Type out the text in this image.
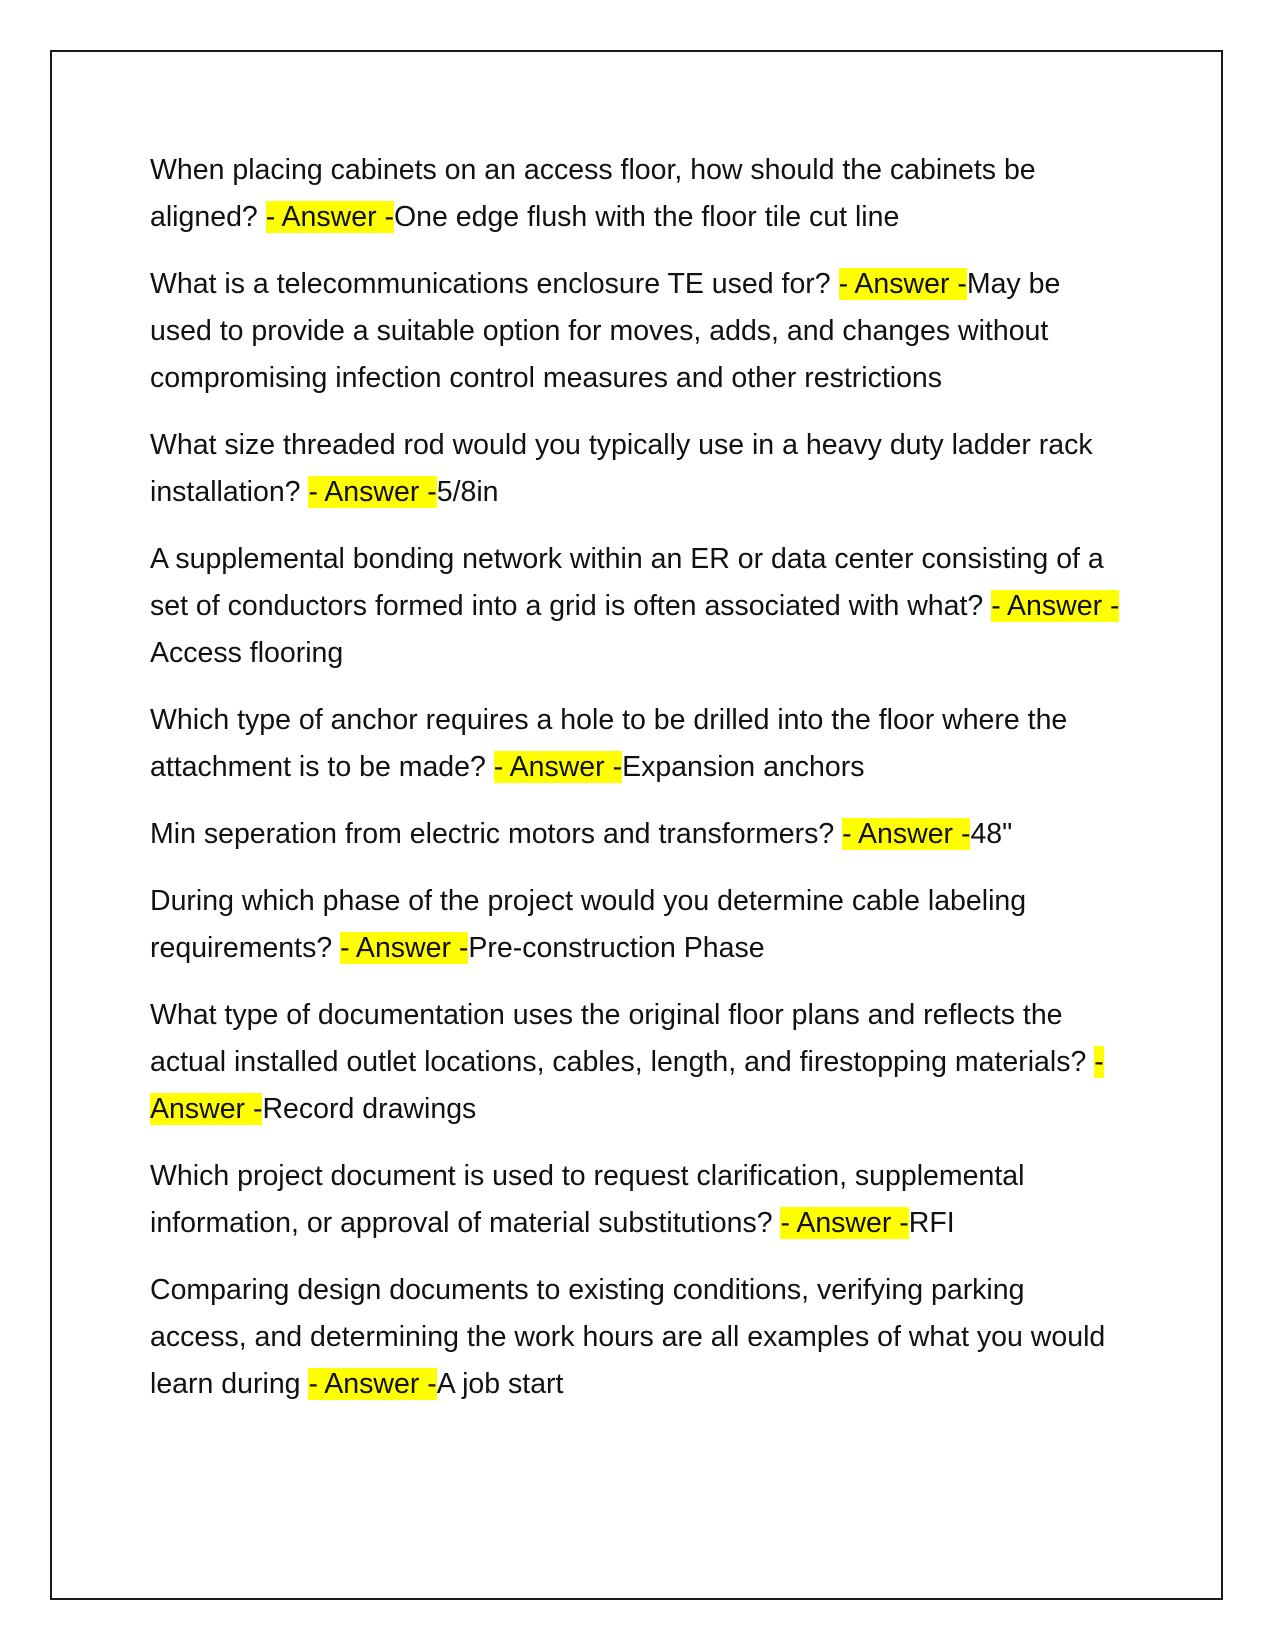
When placing cabinets on an access floor, how should the cabinets be aligned? - Answer -One edge flush with the floor tile cut line

What is a telecommunications enclosure TE used for? - Answer -May be used to provide a suitable option for moves, adds, and changes without compromising infection control measures and other restrictions

What size threaded rod would you typically use in a heavy duty ladder rack installation? - Answer -5/8in

A supplemental bonding network within an ER or data center consisting of a set of conductors formed into a grid is often associated with what? - Answer -Access flooring

Which type of anchor requires a hole to be drilled into the floor where the attachment is to be made? - Answer -Expansion anchors

Min seperation from electric motors and transformers? - Answer -48"

During which phase of the project would you determine cable labeling requirements? - Answer -Pre-construction Phase

What type of documentation uses the original floor plans and reflects the actual installed outlet locations, cables, length, and firestopping materials? - Answer -Record drawings

Which project document is used to request clarification, supplemental information, or approval of material substitutions? - Answer -RFI

Comparing design documents to existing conditions, verifying parking access, and determining the work hours are all examples of what you would learn during - Answer -A job start
